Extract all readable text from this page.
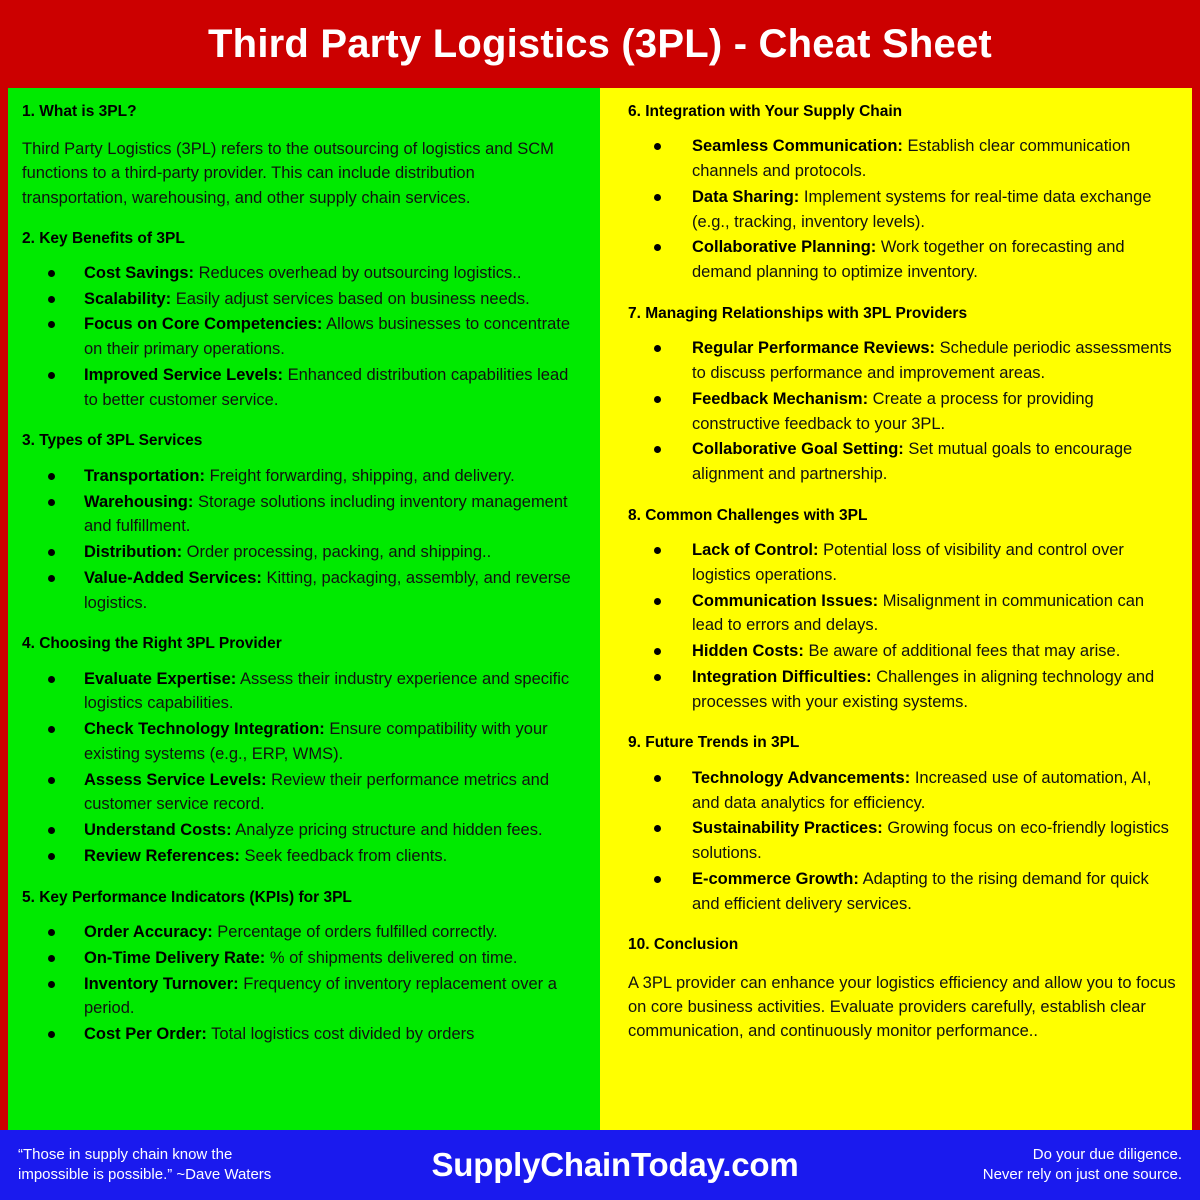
Third Party Logistics (3PL) - Cheat Sheet
1. What is 3PL?
Third Party Logistics (3PL) refers to the outsourcing of logistics and SCM functions to a third-party provider. This can include distribution transportation, warehousing, and other supply chain services.
2. Key Benefits of 3PL
Cost Savings: Reduces overhead by outsourcing logistics..
Scalability: Easily adjust services based on business needs.
Focus on Core Competencies: Allows businesses to concentrate on their primary operations.
Improved Service Levels: Enhanced distribution capabilities lead to better customer service.
3. Types of 3PL Services
Transportation: Freight forwarding, shipping, and delivery.
Warehousing: Storage solutions including inventory management and fulfillment.
Distribution: Order processing, packing, and shipping..
Value-Added Services: Kitting, packaging, assembly, and reverse logistics.
4. Choosing the Right 3PL Provider
Evaluate Expertise: Assess their industry experience and specific logistics capabilities.
Check Technology Integration: Ensure compatibility with your existing systems (e.g., ERP, WMS).
Assess Service Levels: Review their performance metrics and customer service record.
Understand Costs: Analyze pricing structure and hidden fees.
Review References: Seek feedback from clients.
5. Key Performance Indicators (KPIs) for 3PL
Order Accuracy: Percentage of orders fulfilled correctly.
On-Time Delivery Rate: % of shipments delivered on time.
Inventory Turnover: Frequency of inventory replacement over a period.
Cost Per Order: Total logistics cost divided by orders
6. Integration with Your Supply Chain
Seamless Communication: Establish clear communication channels and protocols.
Data Sharing: Implement systems for real-time data exchange (e.g., tracking, inventory levels).
Collaborative Planning: Work together on forecasting and demand planning to optimize inventory.
7. Managing Relationships with 3PL Providers
Regular Performance Reviews: Schedule periodic assessments to discuss performance and improvement areas.
Feedback Mechanism: Create a process for providing constructive feedback to your 3PL.
Collaborative Goal Setting: Set mutual goals to encourage alignment and partnership.
8. Common Challenges with 3PL
Lack of Control: Potential loss of visibility and control over logistics operations.
Communication Issues: Misalignment in communication can lead to errors and delays.
Hidden Costs: Be aware of additional fees that may arise.
Integration Difficulties: Challenges in aligning technology and processes with your existing systems.
9. Future Trends in 3PL
Technology Advancements: Increased use of automation, AI, and data analytics for efficiency.
Sustainability Practices: Growing focus on eco-friendly logistics solutions.
E-commerce Growth: Adapting to the rising demand for quick and efficient delivery services.
10. Conclusion
A 3PL provider can enhance your logistics efficiency and allow you to focus on core business activities. Evaluate providers carefully, establish clear communication, and continuously monitor performance..
“Those in supply chain know the
impossible is possible.” ~Dave Waters	SupplyChainToday.com	Do your due diligence.
Never rely on just one source.
